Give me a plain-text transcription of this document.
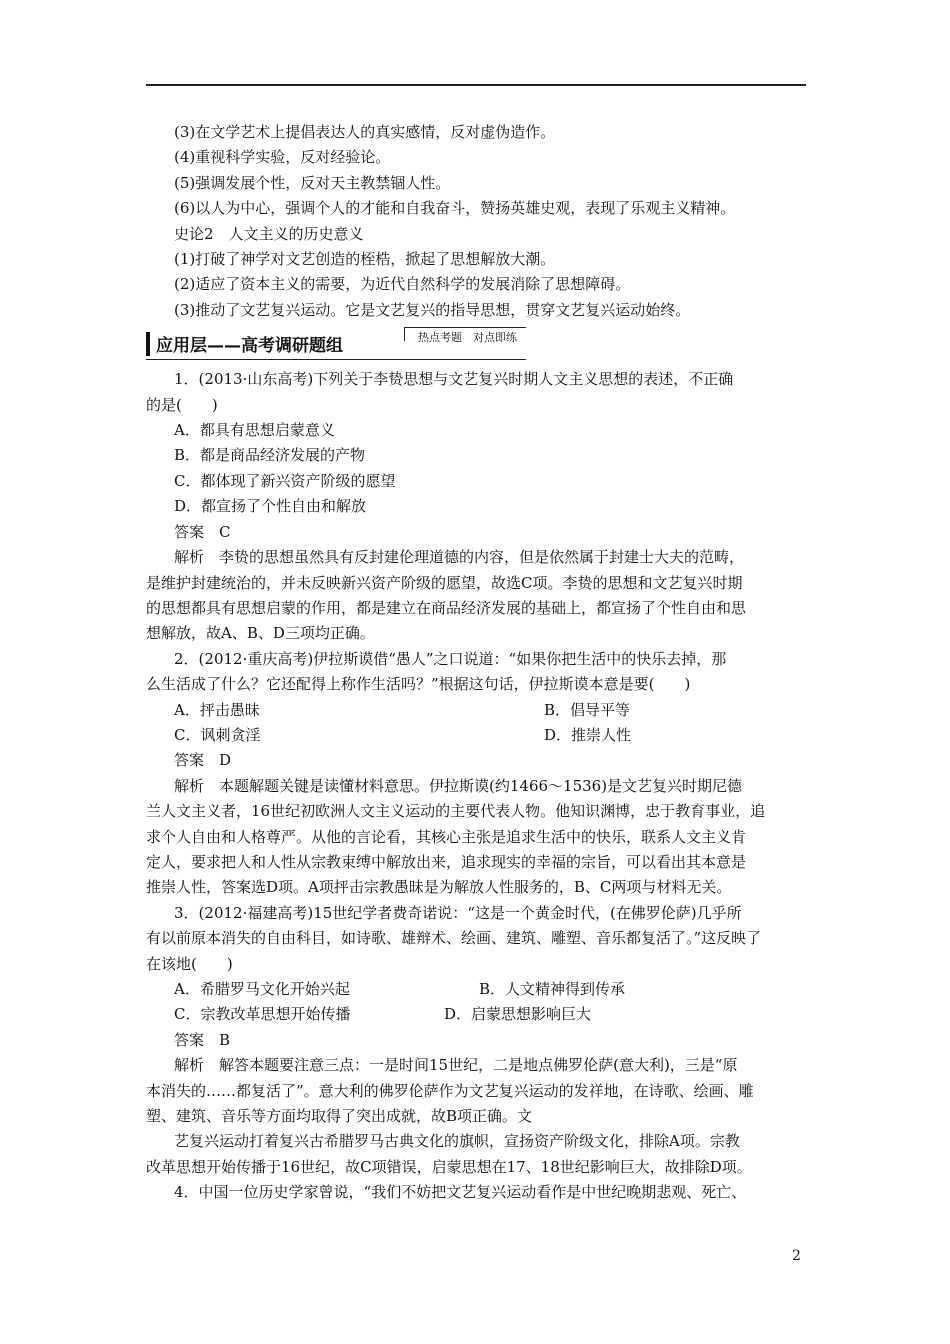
(3)在文学艺术上提倡表达人的真实感情，反对虚伪造作。
(4)重视科学实验，反对经验论。
(5)强调发展个性，反对天主教禁锢人性。
(6)以人为中心，强调个人的才能和自我奋斗，赞扬英雄史观，表现了乐观主义精神。
史论2　人文主义的历史意义
(1)打破了神学对文艺创造的桎梏，掀起了思想解放大潮。
(2)适应了资本主义的需要，为近代自然科学的发展消除了思想障碍。
(3)推动了文艺复兴运动。它是文艺复兴的指导思想，贯穿文艺复兴运动始终。
应用层——高考调研题组	热点考题　对点即练
1．(2013·山东高考)下列关于李贽思想与文艺复兴时期人文主义思想的表述，不正确
的是(　　)
A．都具有思想启蒙意义
B．都是商品经济发展的产物
C．都体现了新兴资产阶级的愿望
D．都宣扬了个性自由和解放
答案　C
解析　李贽的思想虽然具有反封建伦理道德的内容，但是依然属于封建士大夫的范畴，
是维护封建统治的，并未反映新兴资产阶级的愿望，故选C项。李贽的思想和文艺复兴时期
的思想都具有思想启蒙的作用，都是建立在商品经济发展的基础上，都宣扬了个性自由和思
想解放，故A、B、D三项均正确。
2．(2012·重庆高考)伊拉斯谟借“愚人”之口说道：“如果你把生活中的快乐去掉，那
么生活成了什么？它还配得上称作生活吗？”根据这句话，伊拉斯谟本意是要(　　)
A．抨击愚昧	B．倡导平等
C．讽刺贪淫	D．推崇人性
答案　D
解析　本题解题关键是读懂材料意思。伊拉斯谟(约1466～1536)是文艺复兴时期尼德
兰人文主义者，16世纪初欧洲人文主义运动的主要代表人物。他知识渊博，忠于教育事业，追
求个人自由和人格尊严。从他的言论看，其核心主张是追求生活中的快乐，联系人文主义肯
定人，要求把人和人性从宗教束缚中解放出来，追求现实的幸福的宗旨，可以看出其本意是
推崇人性，答案选D项。A项抨击宗教愚昧是为解放人性服务的，B、C两项与材料无关。
3．(2012·福建高考)15世纪学者费奇诺说：“这是一个黄金时代，(在佛罗伦萨)几乎所
有以前原本消失的自由科目，如诗歌、雄辩术、绘画、建筑、雕塑、音乐都复活了。”这反映了
在该地(　　)
A．希腊罗马文化开始兴起	B．人文精神得到传承
C．宗教改革思想开始传播	D．启蒙思想影响巨大
答案　B
解析　解答本题要注意三点：一是时间15世纪，二是地点佛罗伦萨(意大利)，三是“原
本消失的……都复活了”。意大利的佛罗伦萨作为文艺复兴运动的发祥地，在诗歌、绘画、雕
塑、建筑、音乐等方面均取得了突出成就，故B项正确。文
艺复兴运动打着复兴古希腊罗马古典文化的旗帜，宣扬资产阶级文化，排除A项。宗教
改革思想开始传播于16世纪，故C项错误，启蒙思想在17、18世纪影响巨大，故排除D项。
4．中国一位历史学家曾说，“我们不妨把文艺复兴运动看作是中世纪晚期悲观、死亡、
2
